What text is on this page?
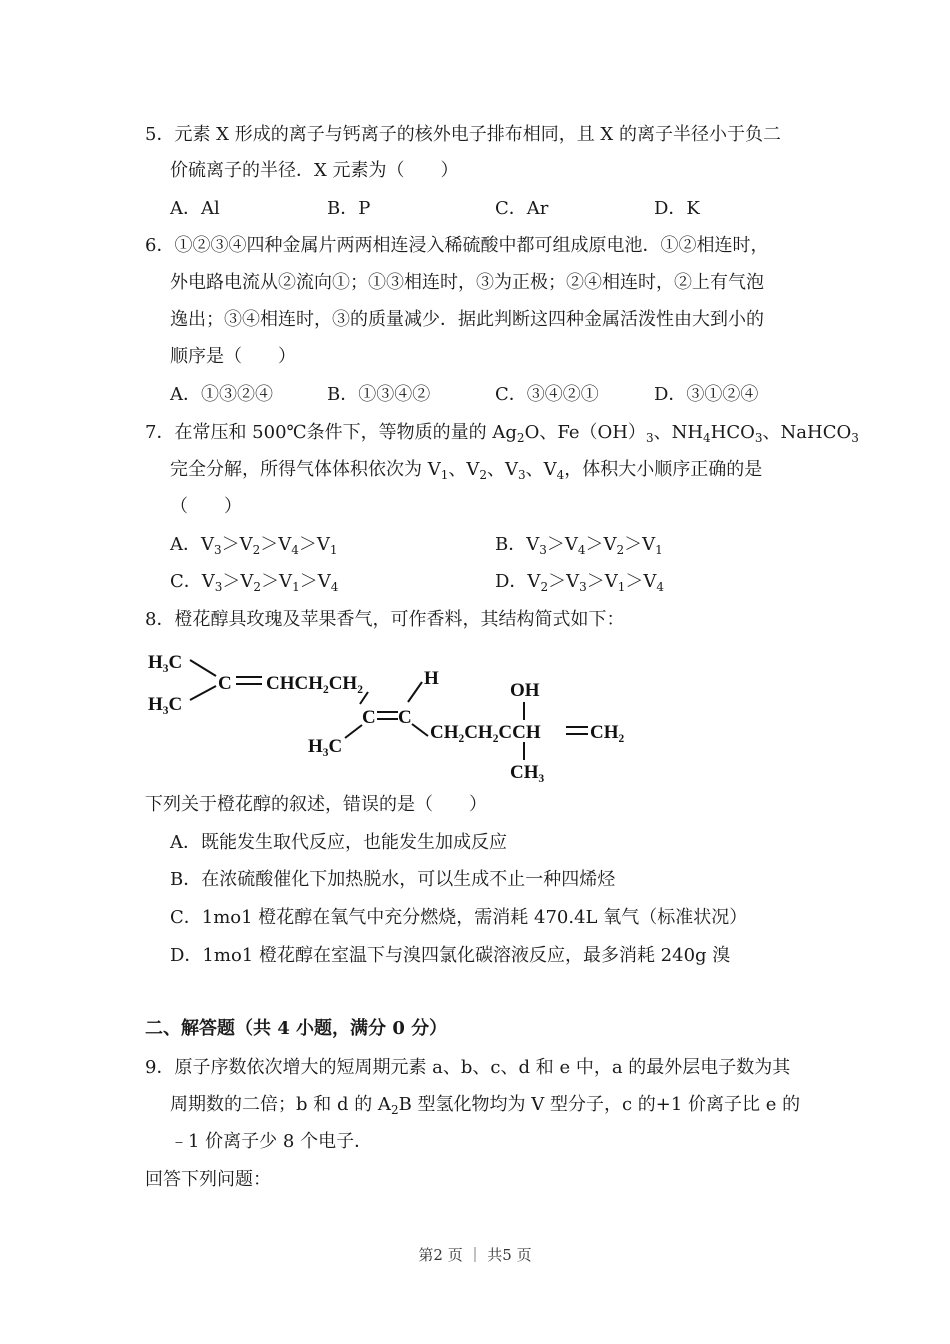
5．元素 X 形成的离子与钙离子的核外电子排布相同，且 X 的离子半径小于负二
价硫离子的半径．X 元素为（　　）
A．Al	B．P	C．Ar	D．K
6．①②③④四种金属片两两相连浸入稀硫酸中都可组成原电池．①②相连时，
外电路电流从②流向①；①③相连时，③为正极；②④相连时，②上有气泡
逸出；③④相连时，③的质量减少．据此判断这四种金属活泼性由大到小的
顺序是（　　）
A．①③②④	B．①③④②	C．③④②①	D．③①②④
7．在常压和 500℃条件下，等物质的量的 $Ag_2O$、$Fe(OH)_3$、$NH_4HCO_3$、NaHCO$_3$
完全分解，所得气体体积依次为 $V_1$、$V_2$、$V_3$、$V_4$，体积大小顺序正确的是
（　　）
A．$V_3>V_2>V_4>V_1$	B．$V_3>V_4>V_2>V_1$
C．$V_3>V_2>V_1>V_4$	D．$V_2>V_3>V_1>V_4$
8．橙花醇具玫瑰及苹果香气，可作香料，其结构简式如下：
H₃C
H₃C
C CHCH₂CH₂
C C
H
H₃C
CH₂CH₂CCH	CH₂
OH
CH₃
下列关于橙花醇的叙述，错误的是（　　）
A．既能发生取代反应，也能发生加成反应
B．在浓硫酸催化下加热脱水，可以生成不止一种四烯烃
C．1mo1 橙花醇在氧气中充分燃烧，需消耗 470.4L 氧气（标准状况）
D．1mo1 橙花醇在室温下与溴四氯化碳溶液反应，最多消耗 240g 溴
二、解答题（共 4 小题，满分 0 分）
9．原子序数依次增大的短周期元素 a、b、c、d 和 e 中，a 的最外层电子数为其
周期数的二倍；b 和 d 的 $A_2B$ 型氢化物均为 V 型分子，c 的+1 价离子比 e 的
﹣1 价离子少 8 个电子．
回答下列问题：
第2 页 ｜ 共5 页
